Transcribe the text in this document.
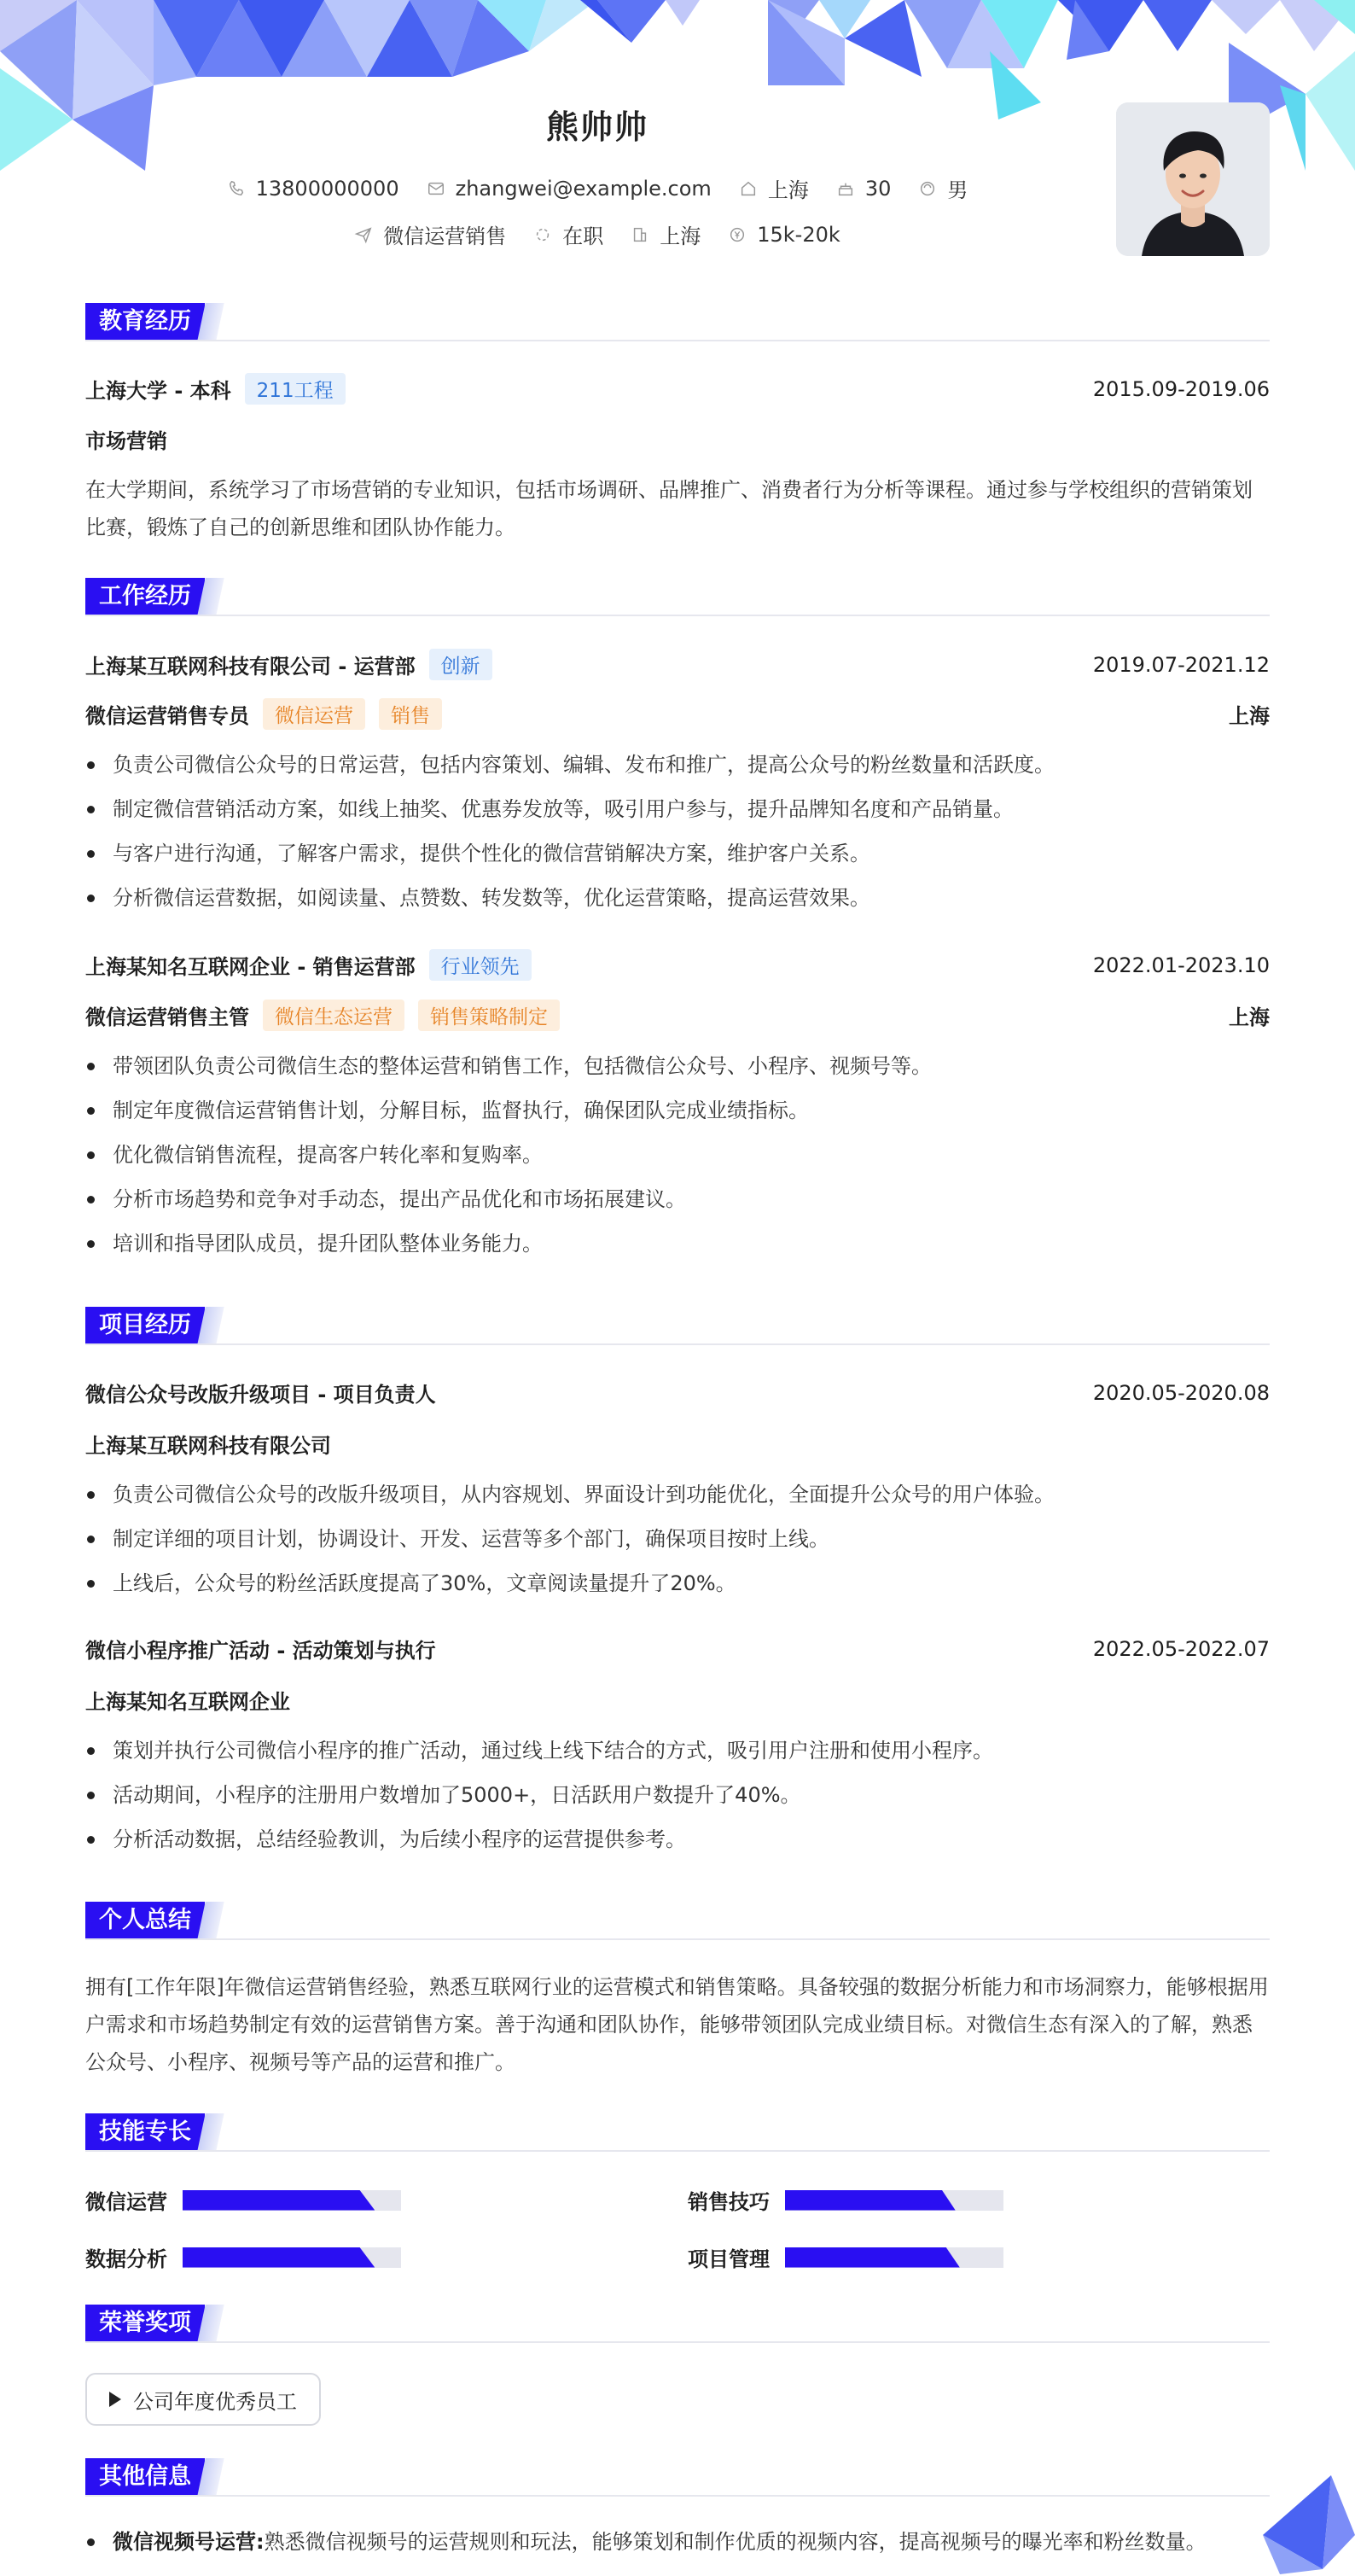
熊帅帅
13800000000	zhangwei@example.com	上海	30	男
微信运营销售	在职	上海	15k-20k
教育经历
上海大学 - 本科	211工程	2015.09-2019.06
市场营销

在大学期间，系统学习了市场营销的专业知识，包括市场调研、品牌推广、消费者行为分析等课程。通过参与学校组织的营销策划比赛，锻炼了自己的创新思维和团队协作能力。

工作经历
上海某互联网科技有限公司 - 运营部	创新	2019.07-2021.12
微信运营销售专员	微信运营	销售	上海
负责公司微信公众号的日常运营，包括内容策划、编辑、发布和推广，提高公众号的粉丝数量和活跃度。
制定微信营销活动方案，如线上抽奖、优惠券发放等，吸引用户参与，提升品牌知名度和产品销量。
与客户进行沟通，了解客户需求，提供个性化的微信营销解决方案，维护客户关系。
分析微信运营数据，如阅读量、点赞数、转发数等，优化运营策略，提高运营效果。
上海某知名互联网企业 - 销售运营部	行业领先	2022.01-2023.10
微信运营销售主管	微信生态运营	销售策略制定	上海
带领团队负责公司微信生态的整体运营和销售工作，包括微信公众号、小程序、视频号等。
制定年度微信运营销售计划，分解目标，监督执行，确保团队完成业绩指标。
优化微信销售流程，提高客户转化率和复购率。
分析市场趋势和竞争对手动态，提出产品优化和市场拓展建议。
培训和指导团队成员，提升团队整体业务能力。
项目经历
微信公众号改版升级项目 - 项目负责人	2020.05-2020.08
上海某互联网科技有限公司
负责公司微信公众号的改版升级项目，从内容规划、界面设计到功能优化，全面提升公众号的用户体验。
制定详细的项目计划，协调设计、开发、运营等多个部门，确保项目按时上线。
上线后，公众号的粉丝活跃度提高了30%，文章阅读量提升了20%。
微信小程序推广活动 - 活动策划与执行	2022.05-2022.07
上海某知名互联网企业
策划并执行公司微信小程序的推广活动，通过线上线下结合的方式，吸引用户注册和使用小程序。
活动期间，小程序的注册用户数增加了5000+，日活跃用户数提升了40%。
分析活动数据，总结经验教训，为后续小程序的运营提供参考。
个人总结

拥有[工作年限]年微信运营销售经验，熟悉互联网行业的运营模式和销售策略。具备较强的数据分析能力和市场洞察力，能够根据用户需求和市场趋势制定有效的运营销售方案。善于沟通和团队协作，能够带领团队完成业绩目标。对微信生态有深入的了解，熟悉公众号、小程序、视频号等产品的运营和推广。

技能专长
微信运营	销售技巧
数据分析	项目管理
荣誉奖项
公司年度优秀员工
其他信息
微信视频号运营:熟悉微信视频号的运营规则和玩法，能够策划和制作优质的视频内容，提高视频号的曝光率和粉丝数量。
